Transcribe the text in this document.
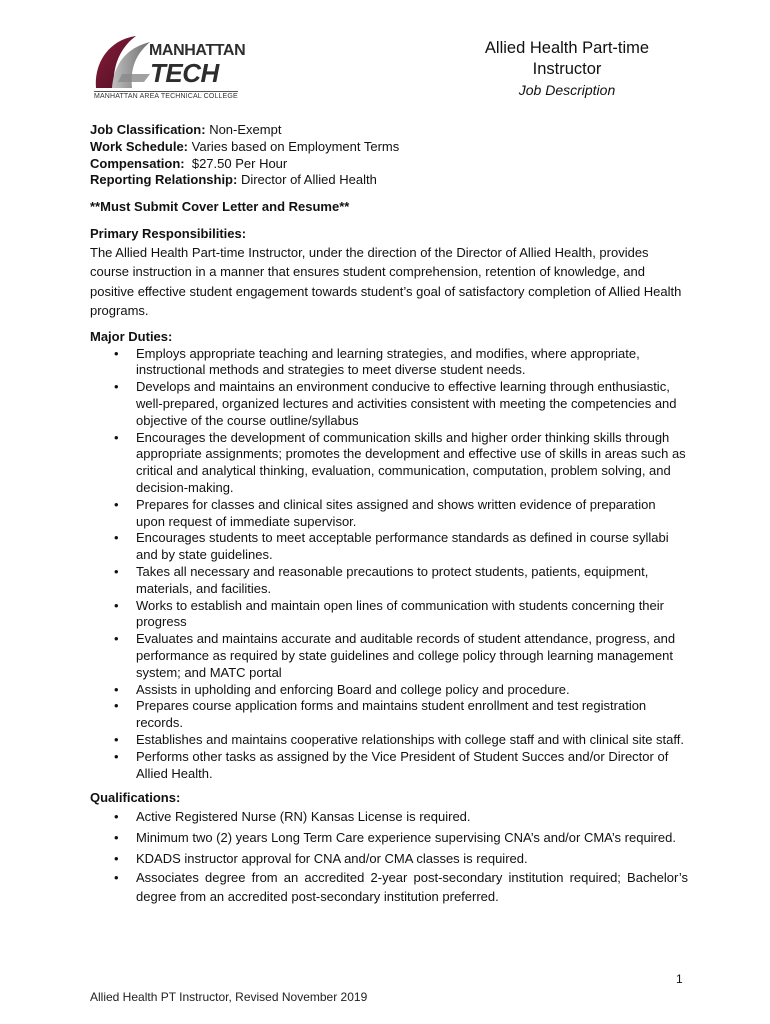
MANHATTAN
TECH
MANHATTAN AREA TECHNICAL COLLEGE
Allied Health Part-time
Instructor
Job Description
Job Classification: Non-Exempt
Work Schedule: Varies based on Employment Terms
Compensation:  $27.50 Per Hour
Reporting Relationship: Director of Allied Health
**Must Submit Cover Letter and Resume**
Primary Responsibilities:
The Allied Health Part-time Instructor, under the direction of the Director of Allied Health, provides course instruction in a manner that ensures student comprehension, retention of knowledge, and positive effective student engagement towards student’s goal of satisfactory completion of Allied Health programs.
Major Duties:
• Employs appropriate teaching and learning strategies, and modifies, where appropriate, instructional methods and strategies to meet diverse student needs.
• Develops and maintains an environment conducive to effective learning through enthusiastic, well-prepared, organized lectures and activities consistent with meeting the competencies and objective of the course outline/syllabus
• Encourages the development of communication skills and higher order thinking skills through appropriate assignments; promotes the development and effective use of skills in areas such as critical and analytical thinking, evaluation, communication, computation, problem solving, and decision-making.
• Prepares for classes and clinical sites assigned and shows written evidence of preparation upon request of immediate supervisor.
• Encourages students to meet acceptable performance standards as defined in course syllabi and by state guidelines.
• Takes all necessary and reasonable precautions to protect students, patients, equipment, materials, and facilities.
• Works to establish and maintain open lines of communication with students concerning their progress
• Evaluates and maintains accurate and auditable records of student attendance, progress, and performance as required by state guidelines and college policy through learning management system; and MATC portal
• Assists in upholding and enforcing Board and college policy and procedure.
• Prepares course application forms and maintains student enrollment and test registration records.
• Establishes and maintains cooperative relationships with college staff and with clinical site staff.
• Performs other tasks as assigned by the Vice President of Student Succes and/or Director of Allied Health.
Qualifications:
• Active Registered Nurse (RN) Kansas License is required.
• Minimum two (2) years Long Term Care experience supervising CNA’s and/or CMA’s required.
• KDADS instructor approval for CNA and/or CMA classes is required.
• Associates degree from an accredited 2-year post-secondary institution required; Bachelor’s degree from an accredited post-secondary institution preferred.
1
Allied Health PT Instructor, Revised November 2019
